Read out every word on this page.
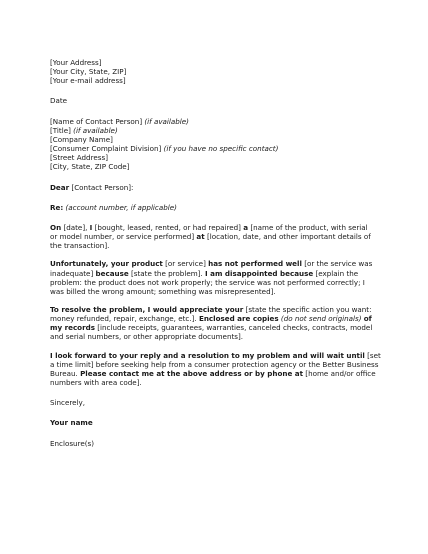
[Your Address]
[Your City, State, ZIP]
[Your e-mail address]
Date
[Name of Contact Person] (if available)
[Title] (if available)
[Company Name]
[Consumer Complaint Division] (if you have no specific contact)
[Street Address]
[City, State, ZIP Code]
Dear [Contact Person]:
Re: (account number, if applicable)
On [date], I [bought, leased, rented, or had repaired] a [name of the product, with serial
or model number, or service performed] at [location, date, and other important details of
the transaction].
Unfortunately, your product [or service] has not performed well [or the service was
inadequate] because [state the problem]. I am disappointed because [explain the
problem: the product does not work properly; the service was not performed correctly; I
was billed the wrong amount; something was misrepresented].
To resolve the problem, I would appreciate your [state the specific action you want:
money refunded, repair, exchange, etc.]. Enclosed are copies (do not send originals) of
my records [include receipts, guarantees, warranties, canceled checks, contracts, model
and serial numbers, or other appropriate documents].
I look forward to your reply and a resolution to my problem and will wait until [set
a time limit] before seeking help from a consumer protection agency or the Better Business
Bureau. Please contact me at the above address or by phone at [home and/or office
numbers with area code].
Sincerely,
Your name
Enclosure(s)
